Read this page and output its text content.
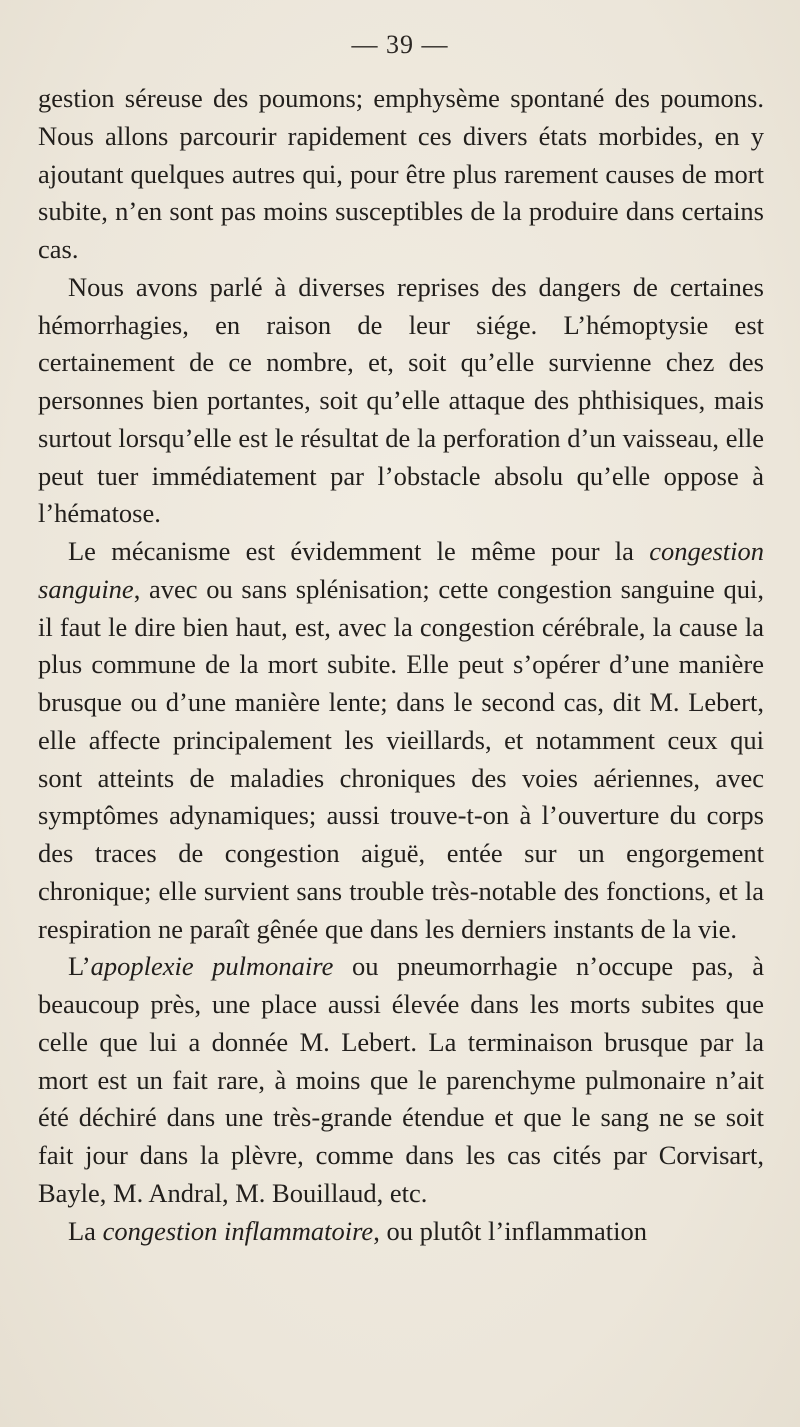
— 39 —

gestion séreuse des poumons; emphysème spontané des poumons. Nous allons parcourir rapidement ces divers états morbides, en y ajoutant quelques autres qui, pour être plus rarement causes de mort subite, n’en sont pas moins susceptibles de la produire dans certains cas.

Nous avons parlé à diverses reprises des dangers de certaines hémorrhagies, en raison de leur siége. L’hémoptysie est certainement de ce nombre, et, soit qu’elle survienne chez des personnes bien portantes, soit qu’elle attaque des phthisiques, mais surtout lorsqu’elle est le résultat de la perforation d’un vaisseau, elle peut tuer immédiatement par l’obstacle absolu qu’elle oppose à l’hématose.

Le mécanisme est évidemment le même pour la congestion sanguine, avec ou sans splénisation; cette congestion sanguine qui, il faut le dire bien haut, est, avec la congestion cérébrale, la cause la plus commune de la mort subite. Elle peut s’opérer d’une manière brusque ou d’une manière lente; dans le second cas, dit M. Lebert, elle affecte principalement les vieillards, et notamment ceux qui sont atteints de maladies chroniques des voies aériennes, avec symptômes adynamiques; aussi trouve-t-on à l’ouverture du corps des traces de congestion aiguë, entée sur un engorgement chronique; elle survient sans trouble très-notable des fonctions, et la respiration ne paraît gênée que dans les derniers instants de la vie.

L’apoplexie pulmonaire ou pneumorrhagie n’occupe pas, à beaucoup près, une place aussi élevée dans les morts subites que celle que lui a donnée M. Lebert. La terminaison brusque par la mort est un fait rare, à moins que le parenchyme pulmonaire n’ait été déchiré dans une très-grande étendue et que le sang ne se soit fait jour dans la plèvre, comme dans les cas cités par Corvisart, Bayle, M. Andral, M. Bouillaud, etc.

La congestion inflammatoire, ou plutôt l’inflammation
